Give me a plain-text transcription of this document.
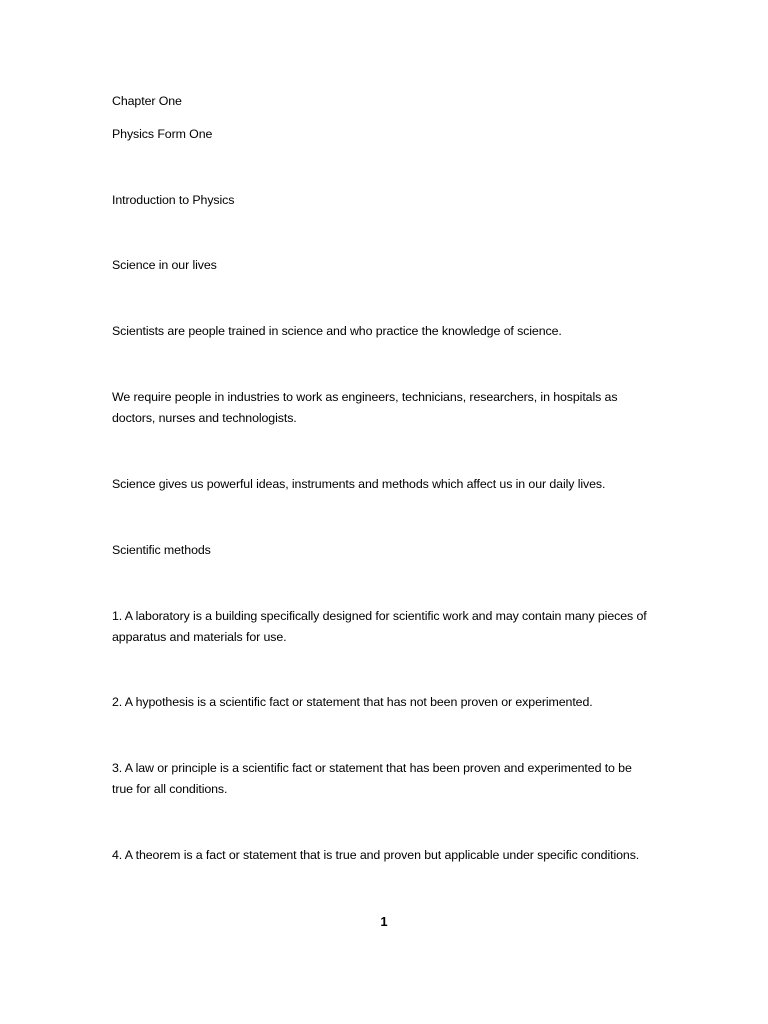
Chapter One
Physics Form One
Introduction to Physics
Science in our lives
Scientists are people trained in science and who practice the knowledge of science.
We require people in industries to work as engineers, technicians, researchers, in hospitals as doctors, nurses and technologists.
Science gives us powerful ideas, instruments and methods which affect us in our daily lives.
Scientific methods
1. A laboratory is a building specifically designed for scientific work and may contain many pieces of apparatus and materials for use.
2. A hypothesis is a scientific fact or statement that has not been proven or experimented.
3. A law or principle is a scientific fact or statement that has been proven and experimented to be true for all conditions.
4. A theorem is a fact or statement that is true and proven but applicable under specific conditions.
1
